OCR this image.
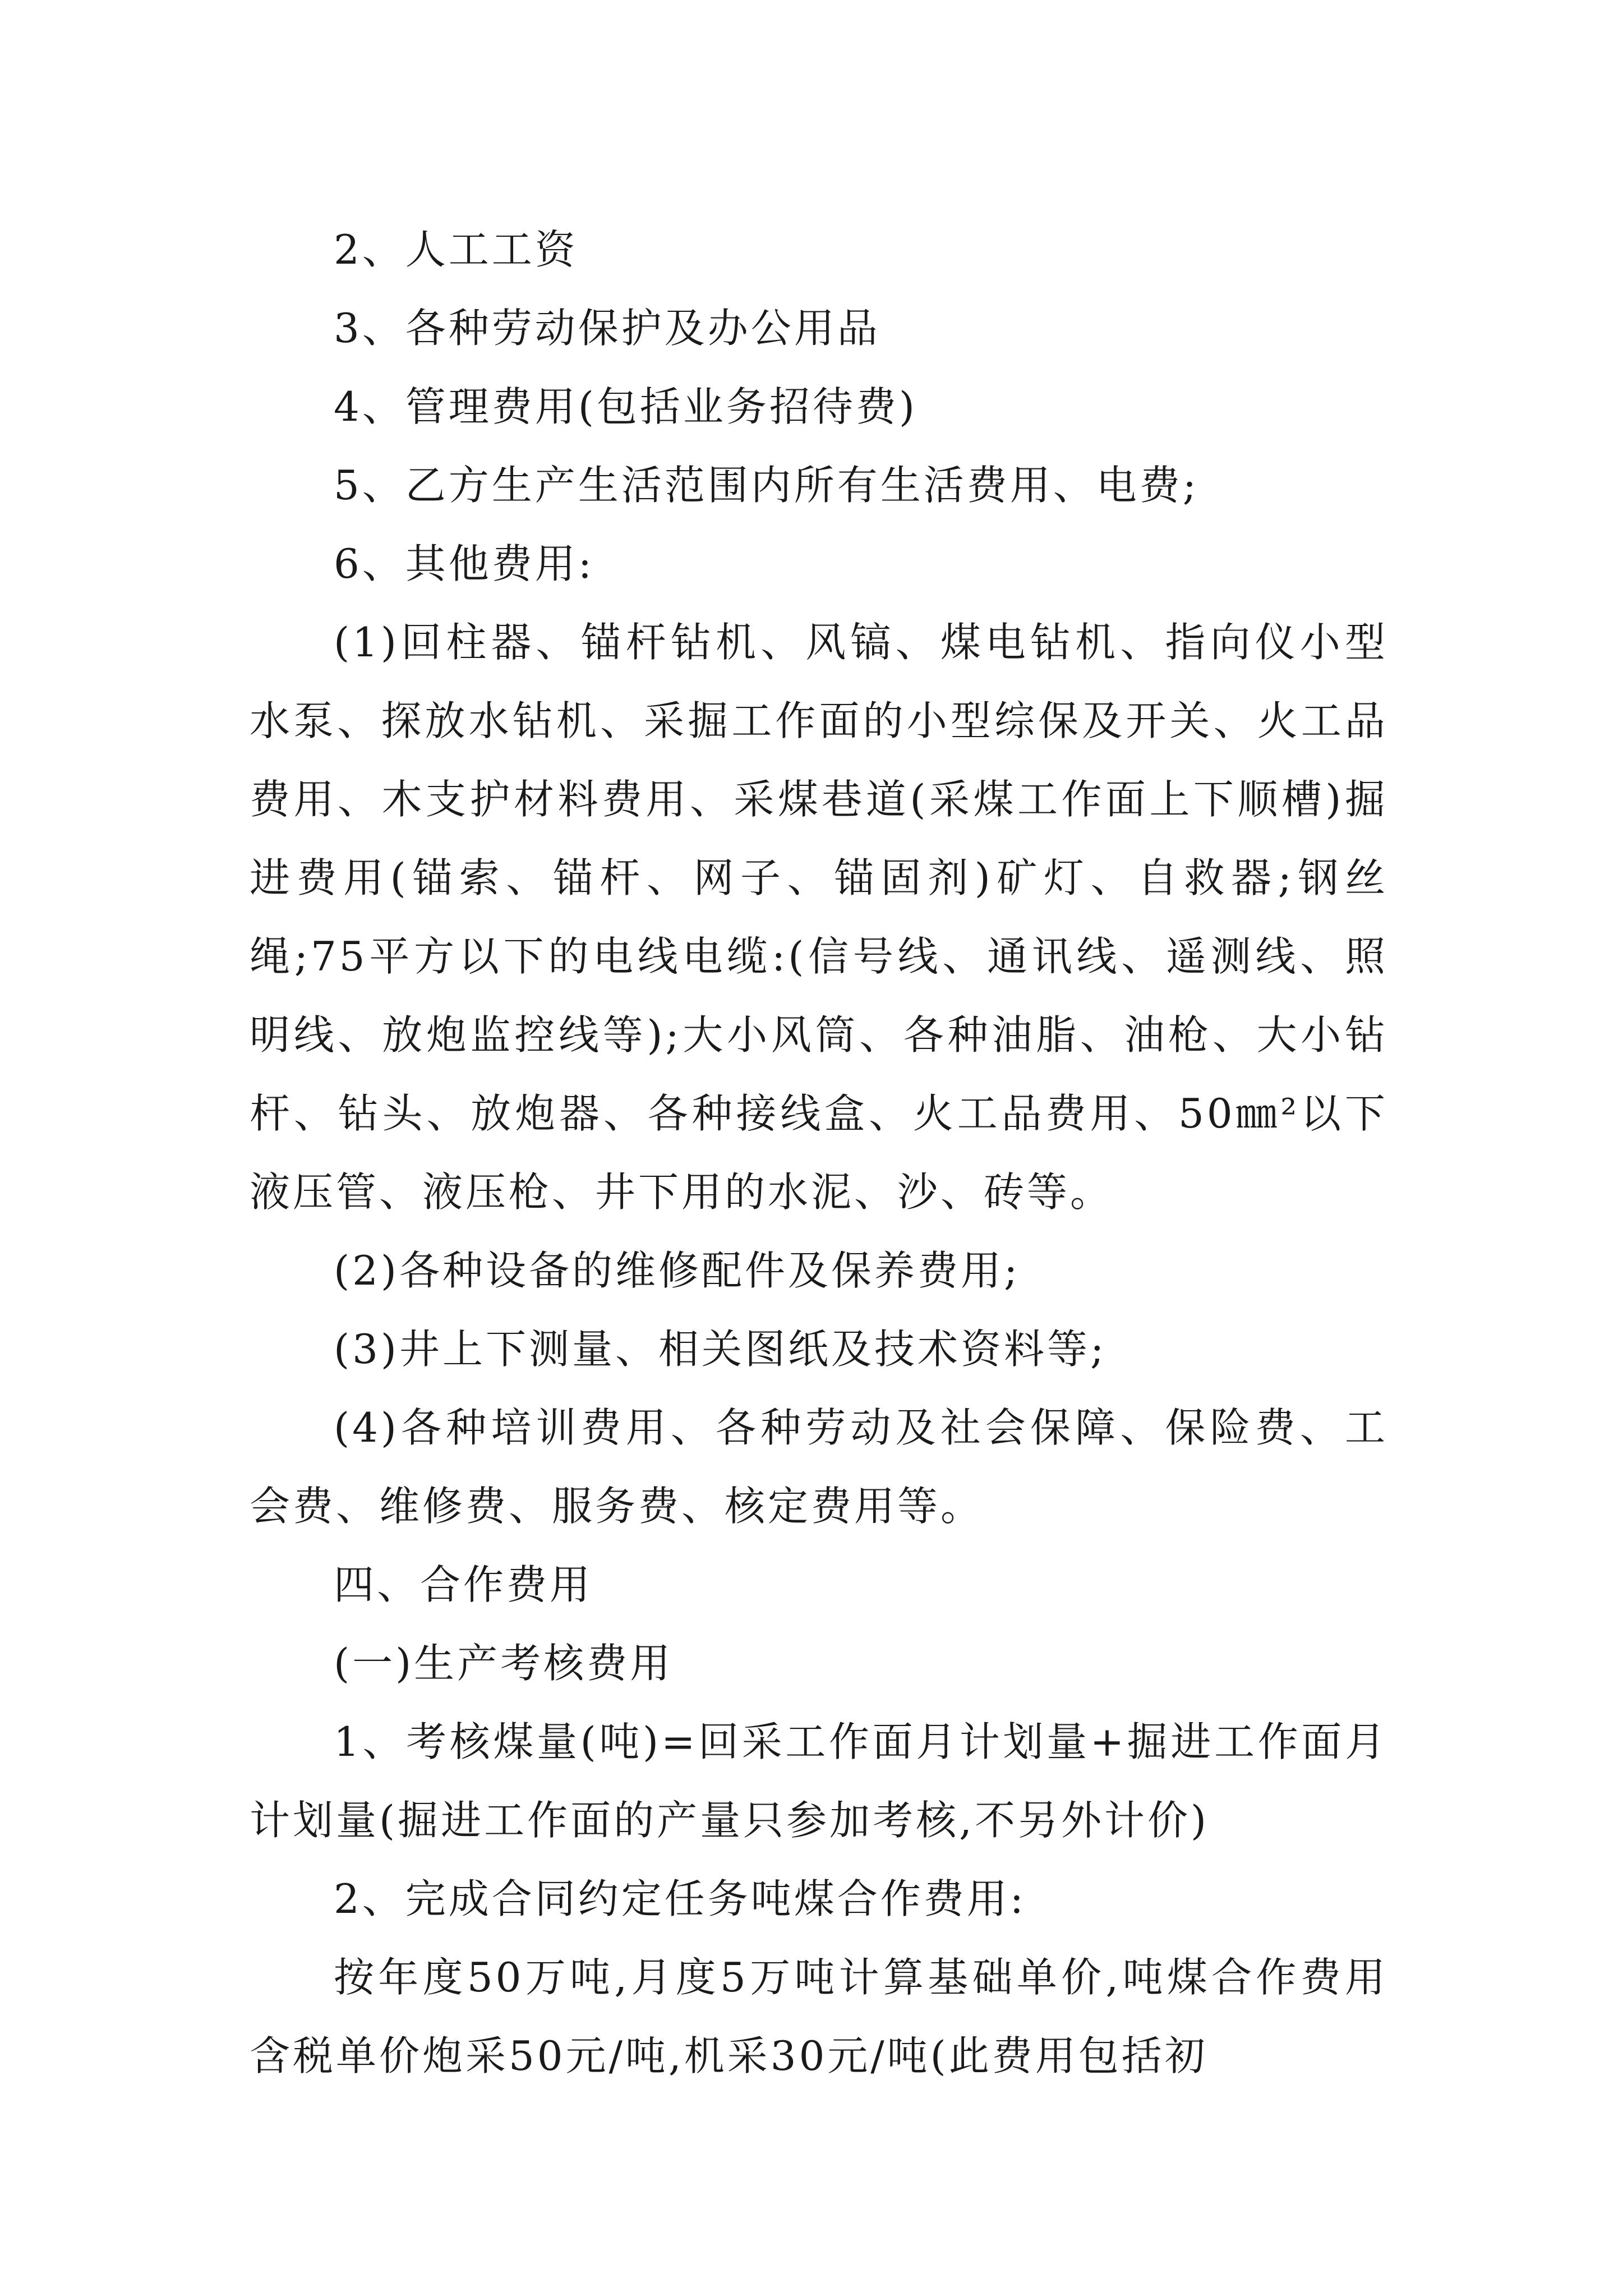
2、人工工资

3、各种劳动保护及办公用品

4、管理费用(包括业务招待费)

5、乙方生产生活范围内所有生活费用、电费;

6、其他费用:

(1)回柱器、锚杆钻机、风镐、煤电钻机、指向仪小型水泵、探放水钻机、采掘工作面的小型综保及开关、火工品费用、木支护材料费用、采煤巷道(采煤工作面上下顺槽)掘进费用(锚索、锚杆、网子、锚固剂)矿灯、自救器;钢丝绳;75平方以下的电线电缆:(信号线、通讯线、遥测线、照明线、放炮监控线等);大小风筒、各种油脂、油枪、大小钻杆、钻头、放炮器、各种接线盒、火工品费用、50㎜²以下液压管、液压枪、井下用的水泥、沙、砖等。

(2)各种设备的维修配件及保养费用;

(3)井上下测量、相关图纸及技术资料等;

(4)各种培训费用、各种劳动及社会保障、保险费、工会费、维修费、服务费、核定费用等。

四、合作费用

(一)生产考核费用

1、考核煤量(吨)=回采工作面月计划量+掘进工作面月计划量(掘进工作面的产量只参加考核,不另外计价)

2、完成合同约定任务吨煤合作费用:

按年度50万吨,月度5万吨计算基础单价,吨煤合作费用含税单价炮采50元/吨,机采30元/吨(此费用包括初
